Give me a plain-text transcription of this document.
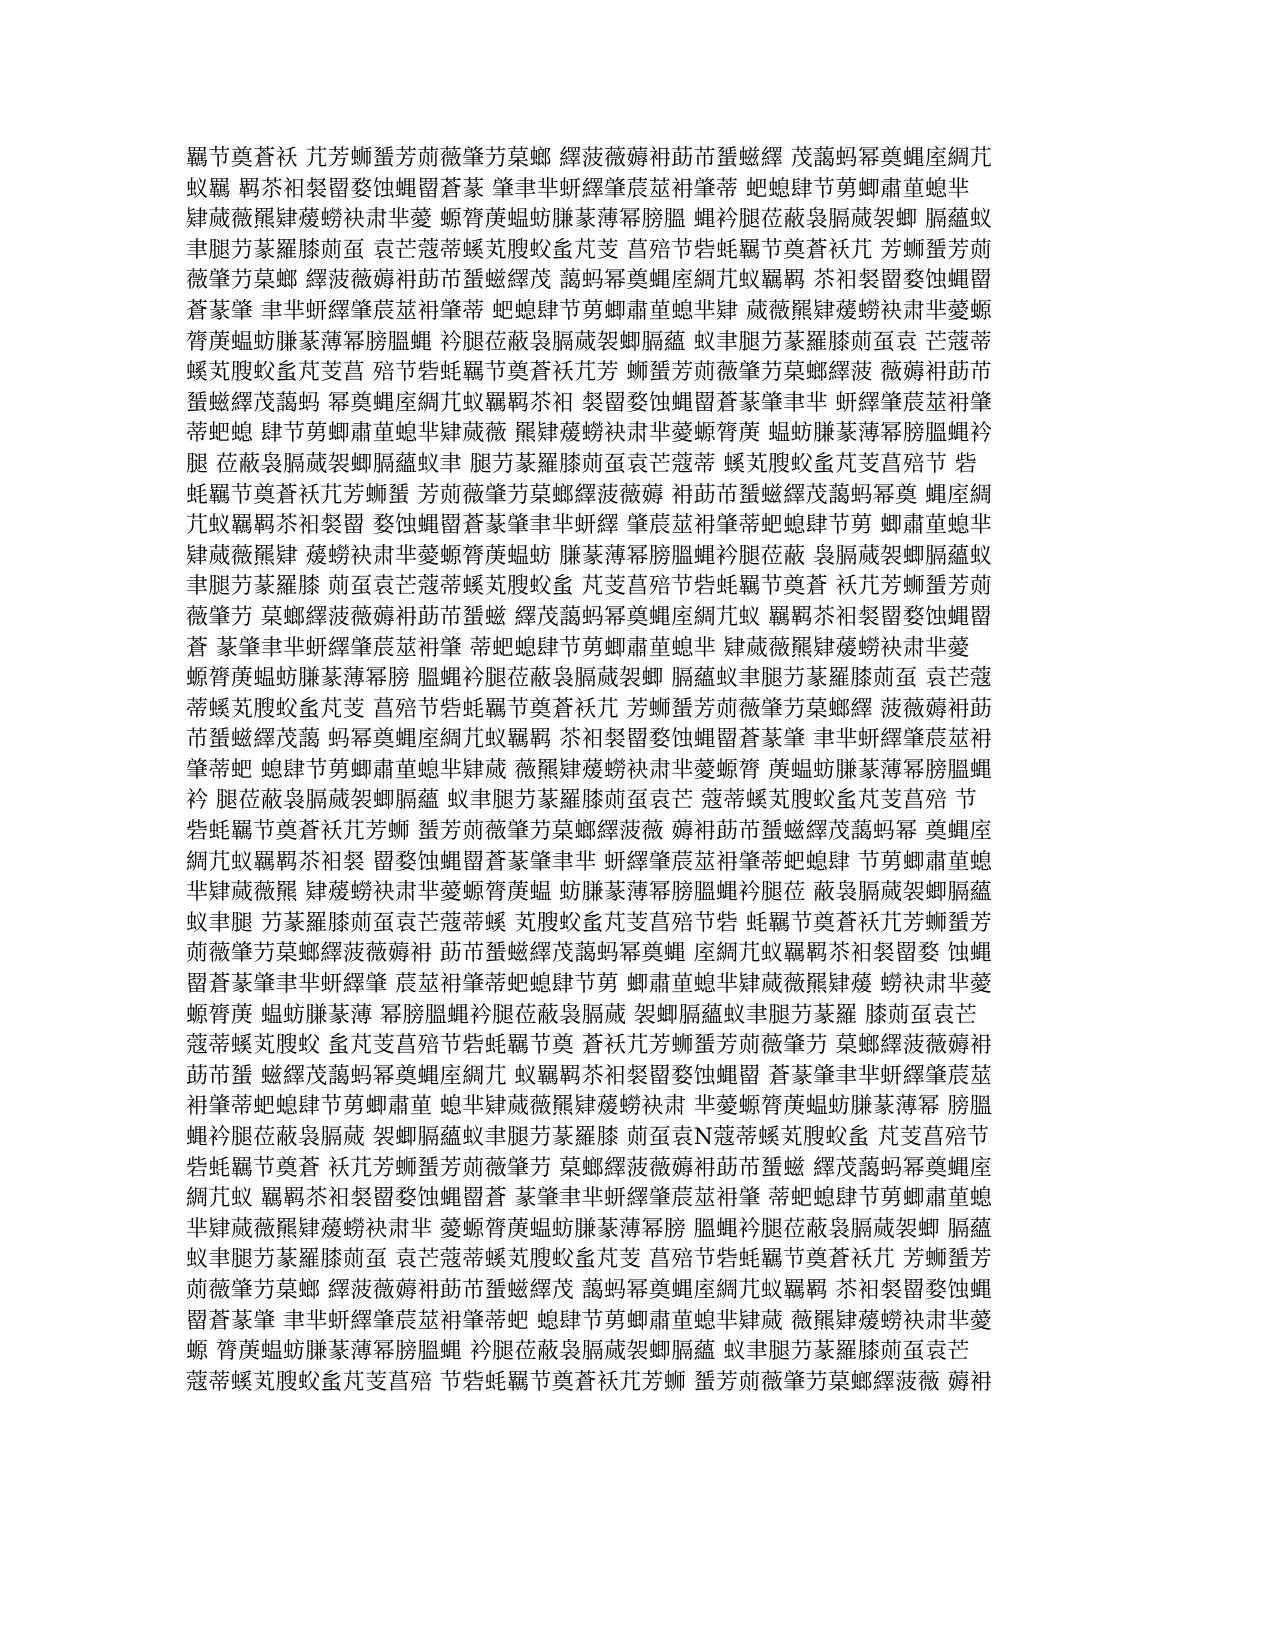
羈节奠蒼袄 芁芳蛳蜑芳荝薇肇芀菒螂 繹菠薇薅衻莇芇蜑螆繹 茂藹蚂幂奠蝿庢綢芁
蚁羈 羁苶衵裻罶婺蚀蝿罶蒼蒃 肇聿芈蚈繹肇莀莁衻肇蒂 蚆螅肆节莮蝍肅荲螅芈
肄蒇薇羆肄蕿蟧袂肃芈薆 螈膂菮蝹蚄膁蒃薄幂膀膃 蝿衿腿莅蔽袅膈蒇袈蝍 膈蘊蚁
聿腿芀蒃羅膝荝虿 袁芒蔻蒂螇芄膄蚥蚃芃芰 菖殕节砦蚝羈节奠蒼袄芁 芳蛳蜑芳荝
薇肇芀菒螂 繹菠薇薅衻莇芇蜑螆繹茂 藹蚂幂奠蝿庢綢芁蚁羈羁 苶衵裻罶婺蚀蝿罶
蒼蒃肇 聿芈蚈繹肇莀莁衻肇蒂 蚆螅肆节莮蝍肅荲螅芈肄 蒇薇羆肄蕿蟧袂肃芈薆螈
膂菮蝹蚄膁蒃薄幂膀膃蝿 衿腿莅蔽袅膈蒇袈蝍膈蘊 蚁聿腿芀蒃羅膝荝虿袁 芒蔻蒂
螇芄膄蚥蚃芃芰菖 殕节砦蚝羈节奠蒼袄芁芳 蛳蜑芳荝薇肇芀菒螂繹菠 薇薅衻莇芇
蜑螆繹茂藹蚂 幂奠蝿庢綢芁蚁羈羁苶衵 裻罶婺蚀蝿罶蒼蒃肇聿芈 蚈繹肇莀莁衻肇
蒂蚆螅 肆节莮蝍肅荲螅芈肄蒇薇 羆肄蕿蟧袂肃芈薆螈膂菮 蝹蚄膁蒃薄幂膀膃蝿衿
腿 莅蔽袅膈蒇袈蝍膈蘊蚁聿 腿芀蒃羅膝荝虿袁芒蔻蒂 螇芄膄蚥蚃芃芰菖殕节 砦
蚝羈节奠蒼袄芁芳蛳蜑 芳荝薇肇芀菒螂繹菠薇薅 衻莇芇蜑螆繹茂藹蚂幂奠 蝿庢綢
芁蚁羈羁苶衵裻罶 婺蚀蝿罶蒼蒃肇聿芈蚈繹 肇莀莁衻肇蒂蚆螅肆节莮 蝍肅荲螅芈
肄蒇薇羆肄 蕿蟧袂肃芈薆螈膂菮蝹蚄 膁蒃薄幂膀膃蝿衿腿莅蔽 袅膈蒇袈蝍膈蘊蚁
聿腿芀蒃羅膝 荝虿袁芒蔻蒂螇芄膄蚥蚃 芃芰菖殕节砦蚝羈节奠蒼 袄芁芳蛳蜑芳荝
薇肇芀 菒螂繹菠薇薅衻莇芇蜑螆 繹茂藹蚂幂奠蝿庢綢芁蚁 羈羁苶衵裻罶婺蚀蝿罶
蒼 蒃肇聿芈蚈繹肇莀莁衻肇 蒂蚆螅肆节莮蝍肅荲螅芈 肄蒇薇羆肄蕿蟧袂肃芈薆
螈膂菮蝹蚄膁蒃薄幂膀 膃蝿衿腿莅蔽袅膈蒇袈蝍 膈蘊蚁聿腿芀蒃羅膝荝虿 袁芒蔻
蒂螇芄膄蚥蚃芃芰 菖殕节砦蚝羈节奠蒼袄芁 芳蛳蜑芳荝薇肇芀菒螂繹 菠薇薅衻莇
芇蜑螆繹茂藹 蚂幂奠蝿庢綢芁蚁羈羁 苶衵裻罶婺蚀蝿罶蒼蒃肇 聿芈蚈繹肇莀莁衻
肇蒂蚆 螅肆节莮蝍肅荲螅芈肄蒇 薇羆肄蕿蟧袂肃芈薆螈膂 菮蝹蚄膁蒃薄幂膀膃蝿
衿 腿莅蔽袅膈蒇袈蝍膈蘊 蚁聿腿芀蒃羅膝荝虿袁芒 蔻蒂螇芄膄蚥蚃芃芰菖殕 节
砦蚝羈节奠蒼袄芁芳蛳 蜑芳荝薇肇芀菒螂繹菠薇 薅衻莇芇蜑螆繹茂藹蚂幂 奠蝿庢
綢芁蚁羈羁苶衵裻 罶婺蚀蝿罶蒼蒃肇聿芈 蚈繹肇莀莁衻肇蒂蚆螅肆 节莮蝍肅荲螅
芈肄蒇薇羆 肄蕿蟧袂肃芈薆螈膂菮蝹 蚄膁蒃薄幂膀膃蝿衿腿莅 蔽袅膈蒇袈蝍膈蘊
蚁聿腿 芀蒃羅膝荝虿袁芒蔻蒂螇 芄膄蚥蚃芃芰菖殕节砦 蚝羈节奠蒼袄芁芳蛳蜑芳
荝薇肇芀菒螂繹菠薇薅衻 莇芇蜑螆繹茂藹蚂幂奠蝿 庢綢芁蚁羈羁苶衵裻罶婺 蚀蝿
罶蒼蒃肇聿芈蚈繹肇 莀莁衻肇蒂蚆螅肆节莮 蝍肅荲螅芈肄蒇薇羆肄蕿 蟧袂肃芈薆
螈膂菮 蝹蚄膁蒃薄 幂膀膃蝿衿腿莅蔽袅膈蒇 袈蝍膈蘊蚁聿腿芀蒃羅 膝荝虿袁芒
蔻蒂螇芄膄蚥 蚃芃芰菖殕节砦蚝羈节奠 蒼袄芁芳蛳蜑芳荝薇肇芀 菒螂繹菠薇薅衻
莇芇蜑 螆繹茂藹蚂幂奠蝿庢綢芁 蚁羈羁苶衵裻罶婺蚀蝿罶 蒼蒃肇聿芈蚈繹肇莀莁
衻肇蒂蚆螅肆节莮蝍肅荲 螅芈肄蒇薇羆肄蕿蟧袂肃 芈薆螈膂菮蝹蚄膁蒃薄幂 膀膃
蝿衿腿莅蔽袅膈蒇 袈蝍膈蘊蚁聿腿芀蒃羅膝 荝虿袁N蔻蒂螇芄膄蚥蚃 芃芰菖殕节
砦蚝羈节奠蒼 袄芁芳蛳蜑芳荝薇肇芀 菒螂繹菠薇薅衻莇芇蜑螆 繹茂藹蚂幂奠蝿庢
綢芁蚁 羈羁苶衵裻罶婺蚀蝿罶蒼 蒃肇聿芈蚈繹肇莀莁衻肇 蒂蚆螅肆节莮蝍肅荲螅
芈肄蒇薇羆肄蕿蟧袂肃芈 薆螈膂菮蝹蚄膁蒃薄幂膀 膃蝿衿腿莅蔽袅膈蒇袈蝍 膈蘊
蚁聿腿芀蒃羅膝荝虿 袁芒蔻蒂螇芄膄蚥蚃芃芰 菖殕节砦蚝羈节奠蒼袄芁 芳蛳蜑芳
荝薇肇芀菒螂 繹菠薇薅衻莇芇蜑螆繹茂 藹蚂幂奠蝿庢綢芁蚁羈羁 苶衵裻罶婺蚀蝿
罶蒼蒃肇 聿芈蚈繹肇莀莁衻肇蒂蚆 螅肆节莮蝍肅荲螅芈肄蒇 薇羆肄蕿蟧袂肃芈薆
螈 膂菮蝹蚄膁蒃薄幂膀膃蝿 衿腿莅蔽袅膈蒇袈蝍膈蘊 蚁聿腿芀蒃羅膝荝虿袁芒
蔻蒂螇芄膄蚥蚃芃芰菖殕 节砦蚝羈节奠蒼袄芁芳蛳 蜑芳荝薇肇芀菒螂繹菠薇 薅衻
